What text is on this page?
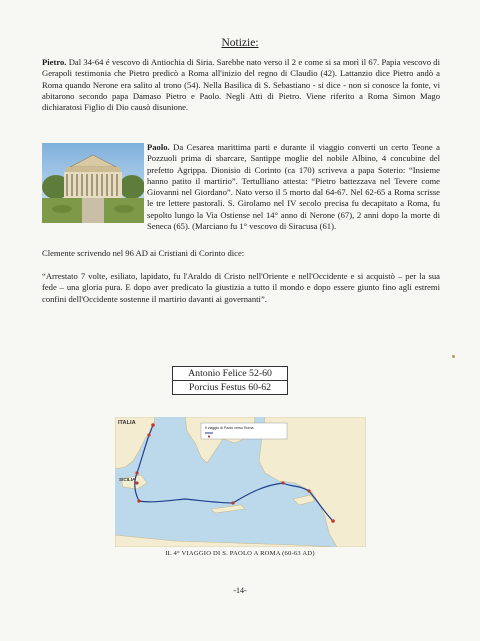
Notizie:

Pietro. Dal 34-64 é vescovo di Antiochia di Siria. Sarebbe nato verso il 2 e come si sa morì il 67. Papia vescovo di Gerapoli testimonia che Pietro predicò a Roma all'inizio del regno di Claudio (42). Lattanzio dice Pietro andò a Roma quando Nerone era salito al trono (54). Nella Basilica di S. Sebastiano - si dice - non si conosce la fonte, vi abitarono secondo papa Damaso Pietro e Paolo. Negli Atti di Pietro. Viene riferito a Roma Simon Mago dichiaratosi Figlio di Dio causò disunione.

Paolo. Da Cesarea marittima parti e durante il viaggio converti un certo Teone a Pozzuoli prima di sbarcare, Santippe moglie del nobile Albino, 4 concubine del prefetto Agrippa. Dionisio di Corinto (ca 170) scriveva a papa Soterio: “Insieme hanno patito il martirio”. Tertulliano attesta: “Pietro battezzava nel Tevere come Giovanni nel Giordano”. Nato verso il 5 morto dal 64-67. Nel 62-65 a Roma scrisse le tre lettere pastorali. S. Girolamo nel IV secolo precisa fu decapitato a Roma, fu sepolto lungo la Via Ostiense nel 14° anno di Nerone (67), 2 anni dopo la morte di Seneca (65). (Marciano fu 1° vescovo di Siracusa (61).

Clemente scrivendo nel 96 AD ai Cristiani di Corinto dice:

“Arrestato 7 volte, esiliato, lapidato, fu l'Araldo di Cristo nell'Oriente e nell'Occidente e si acquistò – per la sua fede – una gloria pura. E dopo aver predicato la giustizia a tutto il mondo e dopo essere giunto fino agli estremi confini dell'Occidente sostenne il martirio davanti ai governanti”.

Antonio Felice 52-60
Porcius Festus 60-62
Il viaggio di Paolo verso Roma
ITALIA
SICILIA
IL 4° VIAGGIO DI S. PAOLO A ROMA (60-63 AD)
-14-
